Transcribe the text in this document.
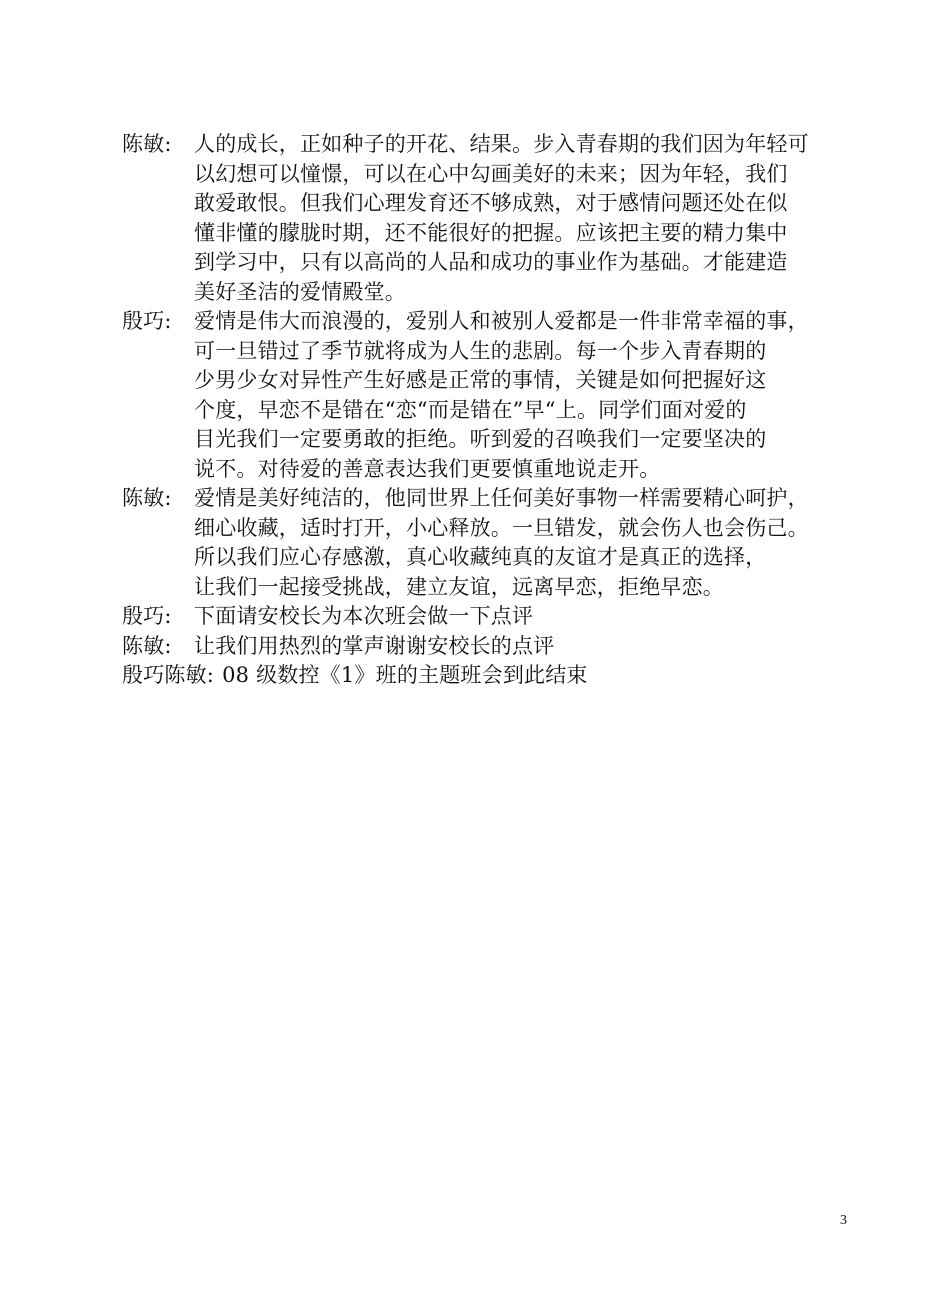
陈敏:	人的成长，正如种子的开花、结果。步入青春期的我们因为年轻可
以幻想可以憧憬，可以在心中勾画美好的未来；因为年轻，我们
敢爱敢恨。但我们心理发育还不够成熟，对于感情问题还处在似
懂非懂的朦胧时期，还不能很好的把握。应该把主要的精力集中
到学习中，只有以高尚的人品和成功的事业作为基础。才能建造
美好圣洁的爱情殿堂。
殷巧:	爱情是伟大而浪漫的，爱别人和被别人爱都是一件非常幸福的事，
可一旦错过了季节就将成为人生的悲剧。每一个步入青春期的
少男少女对异性产生好感是正常的事情，关键是如何把握好这
个度，早恋不是错在“恋“而是错在”早“上。同学们面对爱的
目光我们一定要勇敢的拒绝。听到爱的召唤我们一定要坚决的
说不。对待爱的善意表达我们更要慎重地说走开。
陈敏:	爱情是美好纯洁的，他同世界上任何美好事物一样需要精心呵护，
细心收藏，适时打开，小心释放。一旦错发，就会伤人也会伤己。
所以我们应心存感激，真心收藏纯真的友谊才是真正的选择，
让我们一起接受挑战，建立友谊，远离早恋，拒绝早恋。
殷巧:	下面请安校长为本次班会做一下点评
陈敏:	让我们用热烈的掌声谢谢安校长的点评
殷巧陈敏: 08 级数控《1》班的主题班会到此结束
3
